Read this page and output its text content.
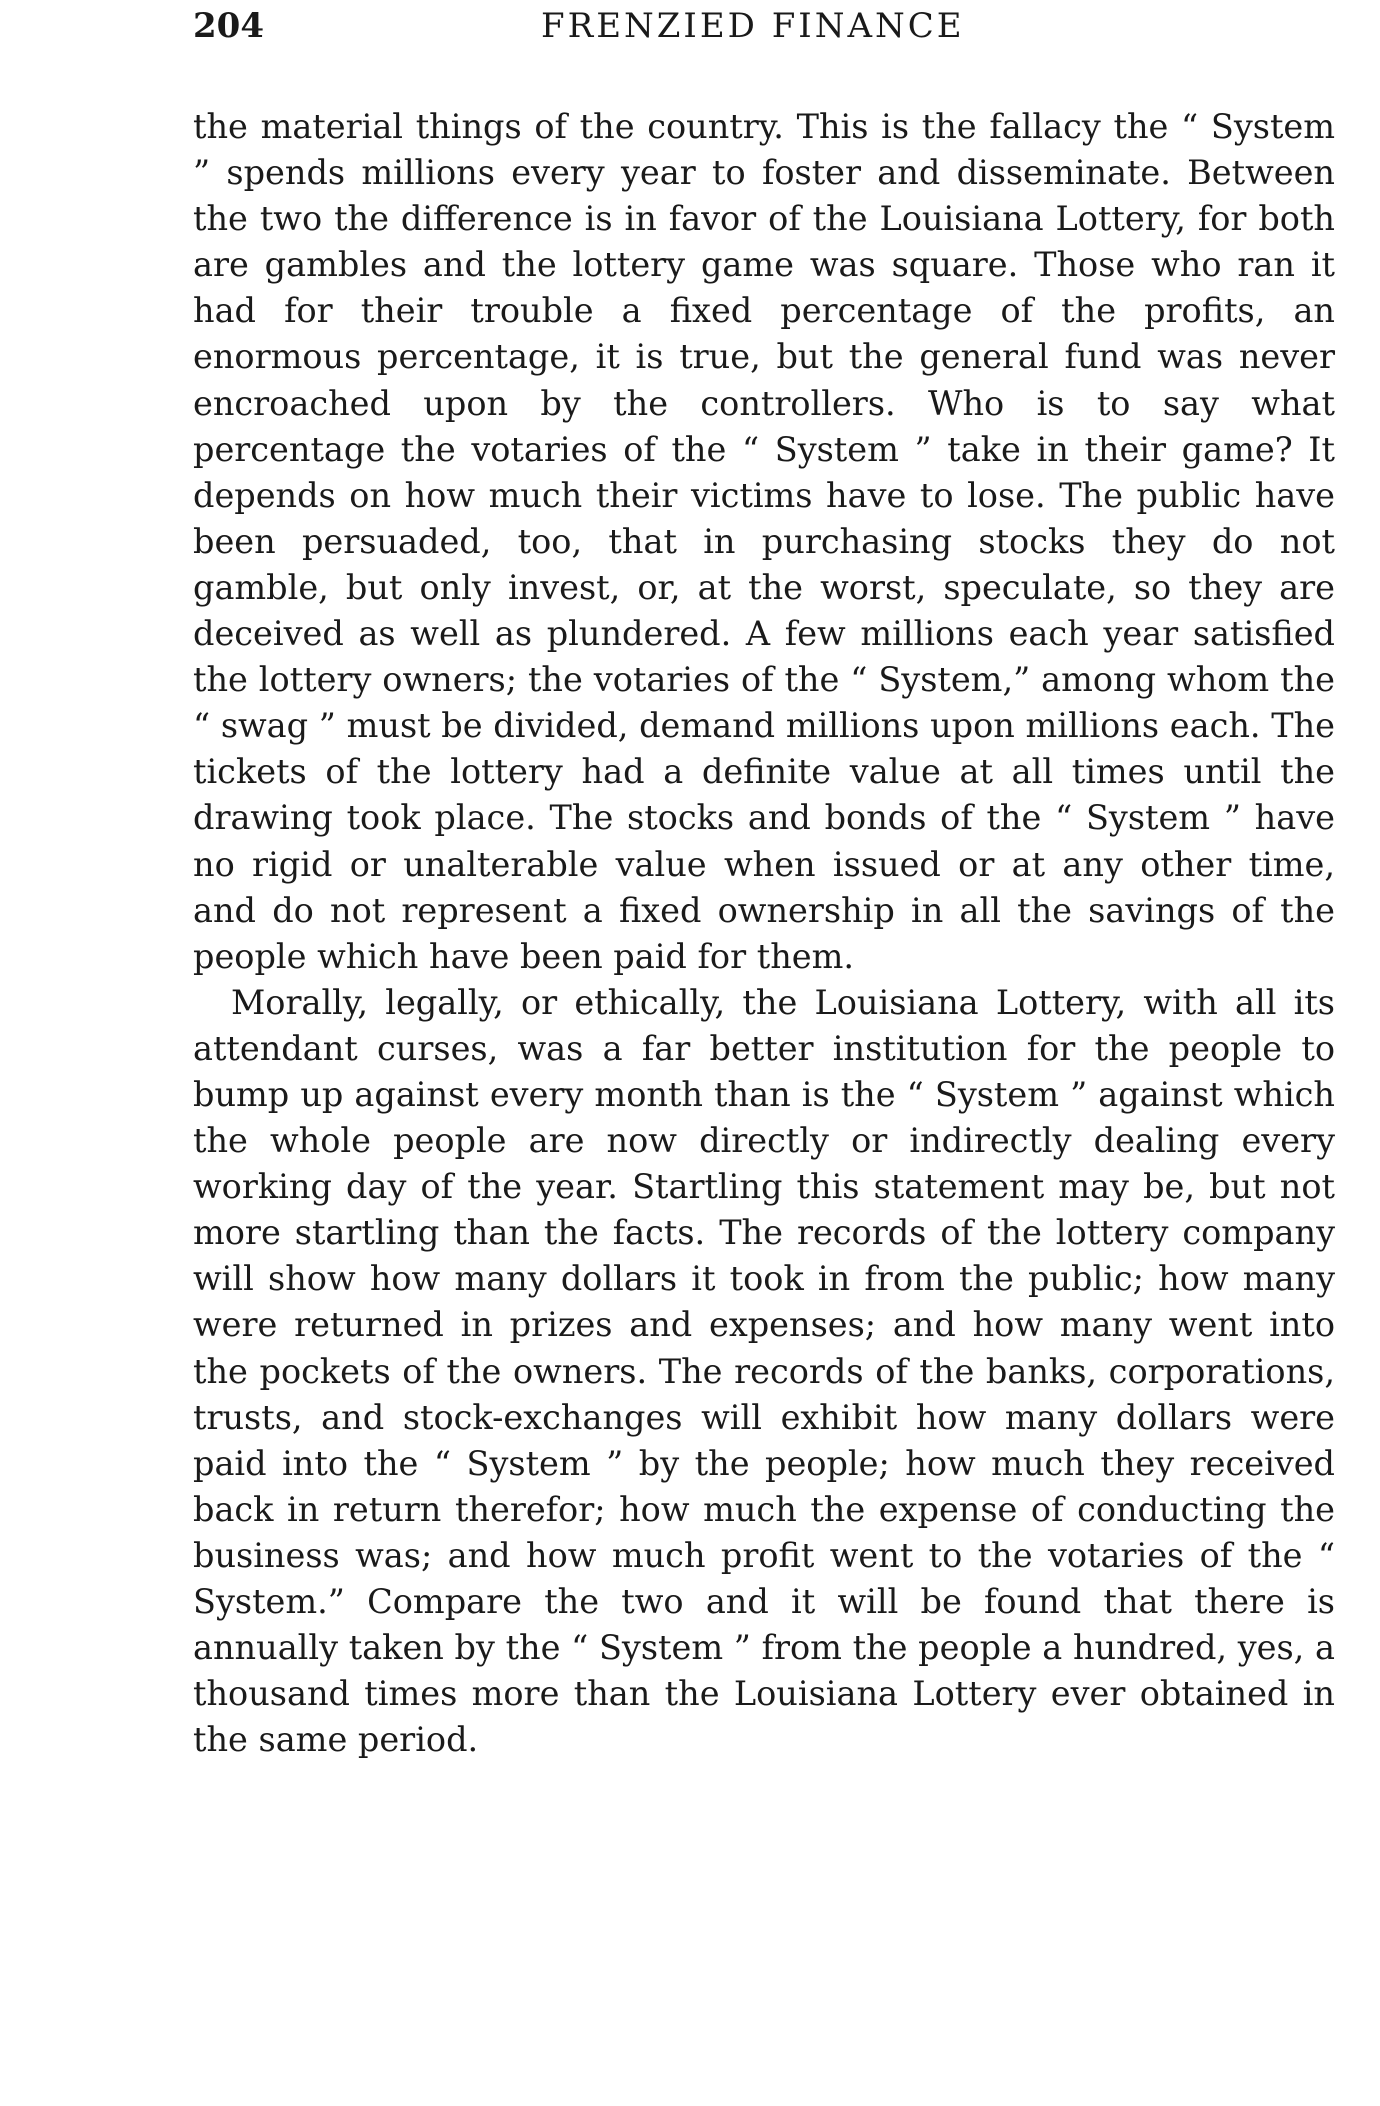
204	FRENZIED FINANCE

the material things of the country. This is the fallacy the “ System ” spends millions every year to foster and disseminate. Between the two the difference is in favor of the Louisiana Lottery, for both are gambles and the lottery game was square. Those who ran it had for their trouble a fixed percentage of the profits, an enormous percentage, it is true, but the general fund was never encroached upon by the controllers. Who is to say what percentage the votaries of the “ System ” take in their game? It depends on how much their victims have to lose. The public have been persuaded, too, that in purchasing stocks they do not gamble, but only invest, or, at the worst, speculate, so they are deceived as well as plundered. A few millions each year satisfied the lottery owners; the votaries of the “ System,” among whom the “ swag ” must be divided, demand millions upon millions each. The tickets of the lottery had a definite value at all times until the drawing took place. The stocks and bonds of the “ System ” have no rigid or unalterable value when issued or at any other time, and do not represent a fixed ownership in all the savings of the people which have been paid for them.

Morally, legally, or ethically, the Louisiana Lottery, with all its attendant curses, was a far better institution for the people to bump up against every month than is the “ System ” against which the whole people are now directly or indirectly dealing every working day of the year. Startling this statement may be, but not more startling than the facts. The records of the lottery company will show how many dollars it took in from the public; how many were returned in prizes and expenses; and how many went into the pockets of the owners. The records of the banks, corporations, trusts, and stock-exchanges will exhibit how many dollars were paid into the “ System ” by the people; how much they received back in return therefor; how much the expense of conducting the business was; and how much profit went to the votaries of the “ System.” Compare the two and it will be found that there is annually taken by the “ System ” from the people a hundred, yes, a thousand times more than the Louisiana Lottery ever obtained in the same period.
